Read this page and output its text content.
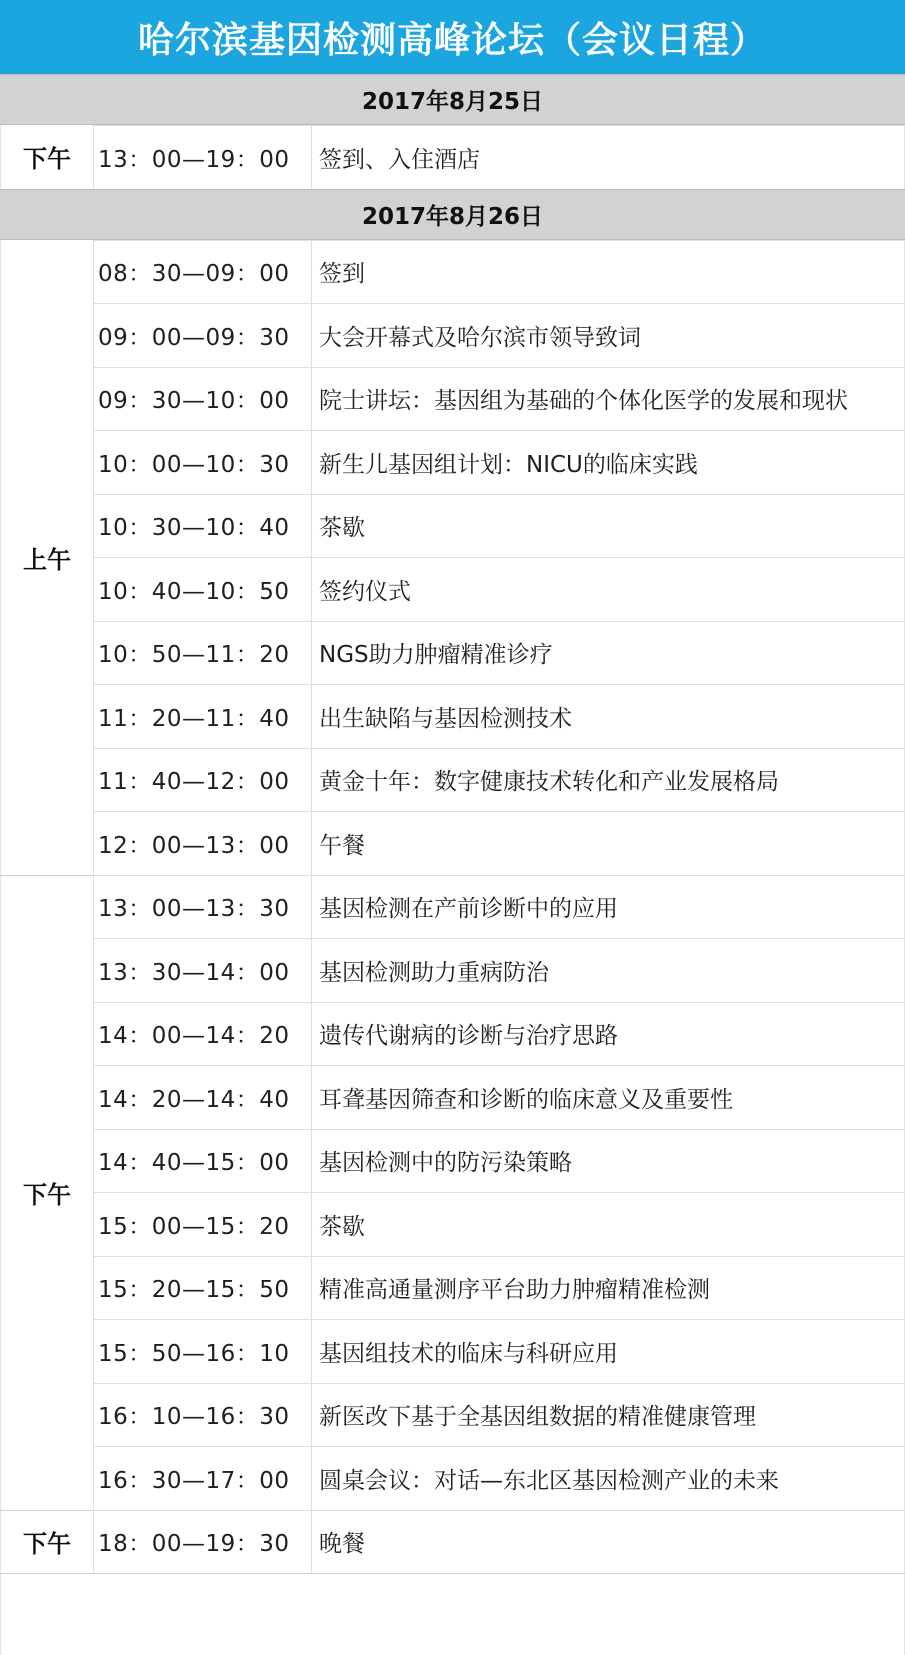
哈尔滨基因检测高峰论坛（会议日程）
2017年8月25日
下午	13：00—19：00	签到、入住酒店
2017年8月26日
上午
08：30—09：00	签到
09：00—09：30	大会开幕式及哈尔滨市领导致词
09：30—10：00	院士讲坛：基因组为基础的个体化医学的发展和现状
10：00—10：30	新生儿基因组计划：NICU的临床实践
10：30—10：40	茶歇
10：40—10：50	签约仪式
10：50—11：20	NGS助力肿瘤精准诊疗
11：20—11：40	出生缺陷与基因检测技术
11：40—12：00	黄金十年：数字健康技术转化和产业发展格局
12：00—13：00	午餐
下午
13：00—13：30	基因检测在产前诊断中的应用
13：30—14：00	基因检测助力重病防治
14：00—14：20	遗传代谢病的诊断与治疗思路
14：20—14：40	耳聋基因筛查和诊断的临床意义及重要性
14：40—15：00	基因检测中的防污染策略
15：00—15：20	茶歇
15：20—15：50	精准高通量测序平台助力肿瘤精准检测
15：50—16：10	基因组技术的临床与科研应用
16：10—16：30	新医改下基于全基因组数据的精准健康管理
16：30—17：00	圆桌会议：对话—东北区基因检测产业的未来
下午	18：00—19：30	晚餐
